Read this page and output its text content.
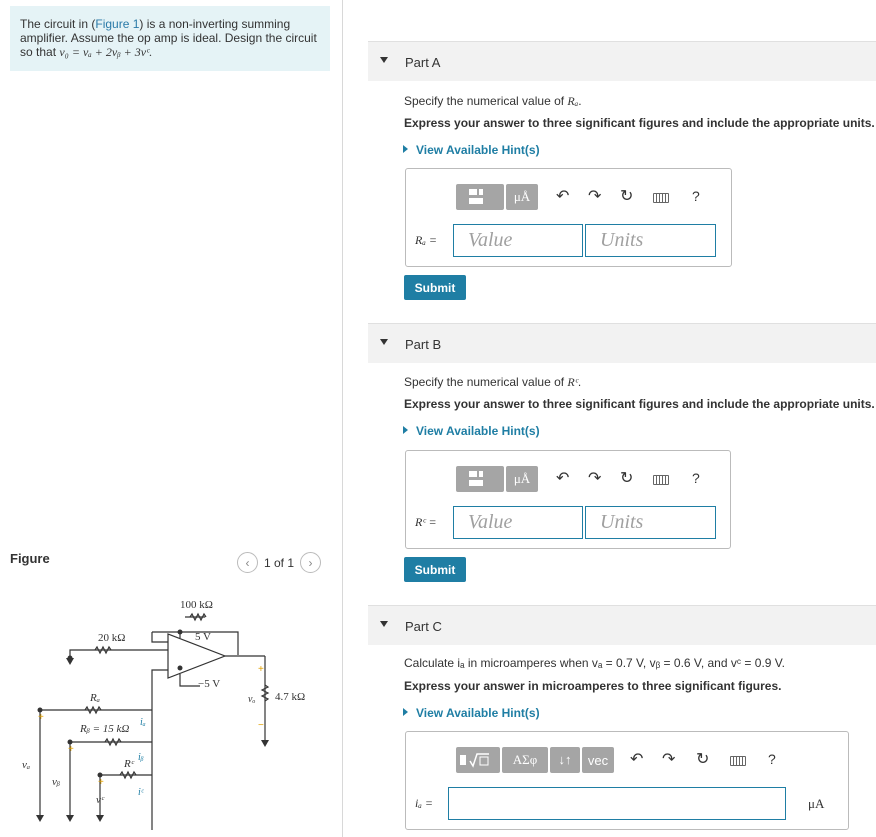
The circuit in (Figure 1) is a non-inverting summing amplifier. Assume the op amp is ideal. Design the circuit so that v₀ = vₐ + 2vᵦ + 3vᶜ.
Figure	‹ 1 of 1 ›
100 kΩ
20 kΩ	5 V
−5 V
Rₐ
Rᵦ = 15 kΩ
Rᶜ
4.7 kΩ
vₐ
vᵦ
vᶜ
vₒ
iₐ
iᵦ
iᶜ
+
−
+
+
+
Part A
Specify the numerical value of Rₐ.
Express your answer to three significant figures and include the appropriate units.
View Available Hint(s)
μÅ	↶ ↷ ↻	?
Rₐ =
Value
Units
Submit
Part B
Specify the numerical value of Rᶜ.
Express your answer to three significant figures and include the appropriate units.
View Available Hint(s)
μÅ	↶ ↷ ↻	?
Rᶜ =
Value
Units
Submit
Part C
Calculate iₐ in microamperes when vₐ = 0.7 V, vᵦ = 0.6 V, and vᶜ = 0.9 V.
Express your answer in microamperes to three significant figures.
View Available Hint(s)
AΣφ	↓↑	vec	↶ ↷ ↻	?
iₐ =	μA
